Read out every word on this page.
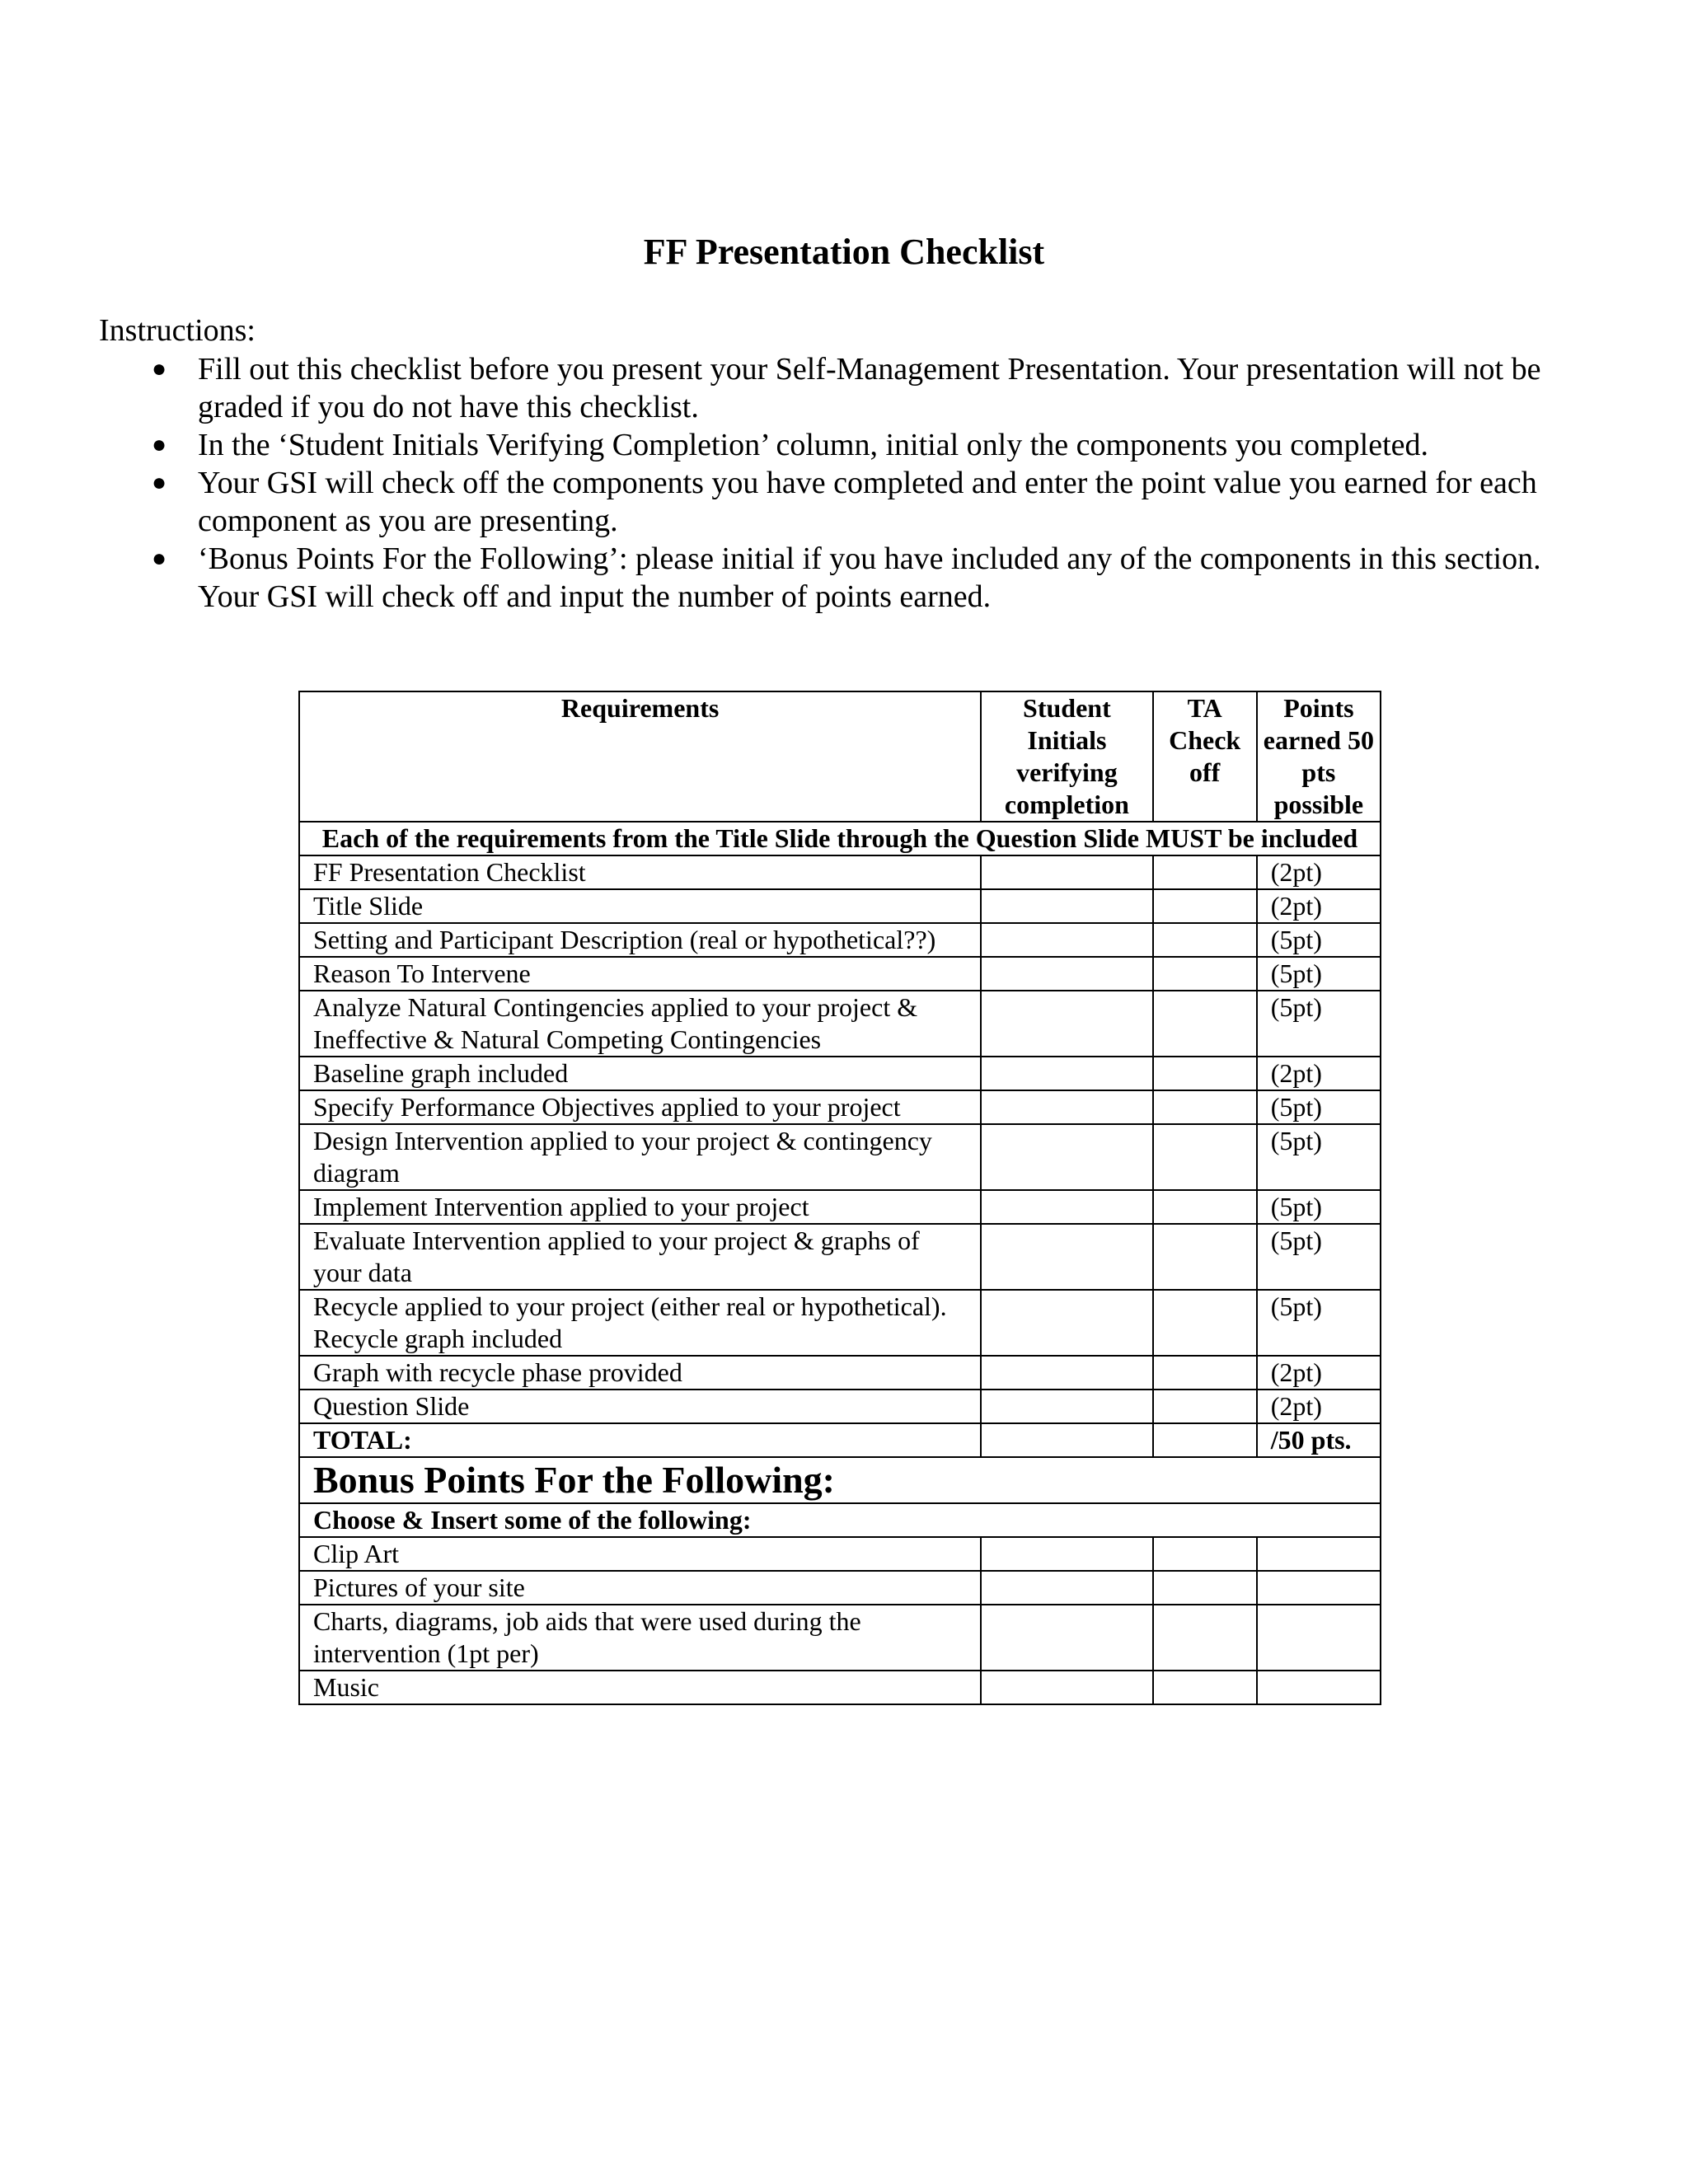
FF Presentation Checklist
Instructions:
● Fill out this checklist before you present your Self-Management Presentation. Your presentation will not be graded if you do not have this checklist.
● In the ‘Student Initials Verifying Completion’ column, initial only the components you completed.
● Your GSI will check off the components you have completed and enter the point value you earned for each component as you are presenting.
● ‘Bonus Points For the Following’: please initial if you have included any of the components in this section. Your GSI will check off and input the number of points earned.
Requirements	Student Initials verifying completion	TA Check off	Points earned 50 pts possible
Each of the requirements from the Title Slide through the Question Slide MUST be included			
FF Presentation Checklist			(2pt)
Title Slide			(2pt)
Setting and Participant Description (real or hypothetical??)			(5pt)
Reason To Intervene			(5pt)
Analyze Natural Contingencies applied to your project & Ineffective & Natural Competing Contingencies			(5pt)
Baseline graph included			(2pt)
Specify Performance Objectives applied to your project			(5pt)
Design Intervention applied to your project & contingency diagram			(5pt)
Implement Intervention applied to your project			(5pt)
Evaluate Intervention applied to your project & graphs of your data			(5pt)
Recycle applied to your project (either real or hypothetical). Recycle graph included			(5pt)
Graph with recycle phase provided			(2pt)
Question Slide			(2pt)
TOTAL:			/50 pts.
Bonus Points For the Following:			
Choose & Insert some of the following:			
Clip Art			
Pictures of your site			
Charts, diagrams, job aids that were used during the intervention (1pt per)			
Music			
